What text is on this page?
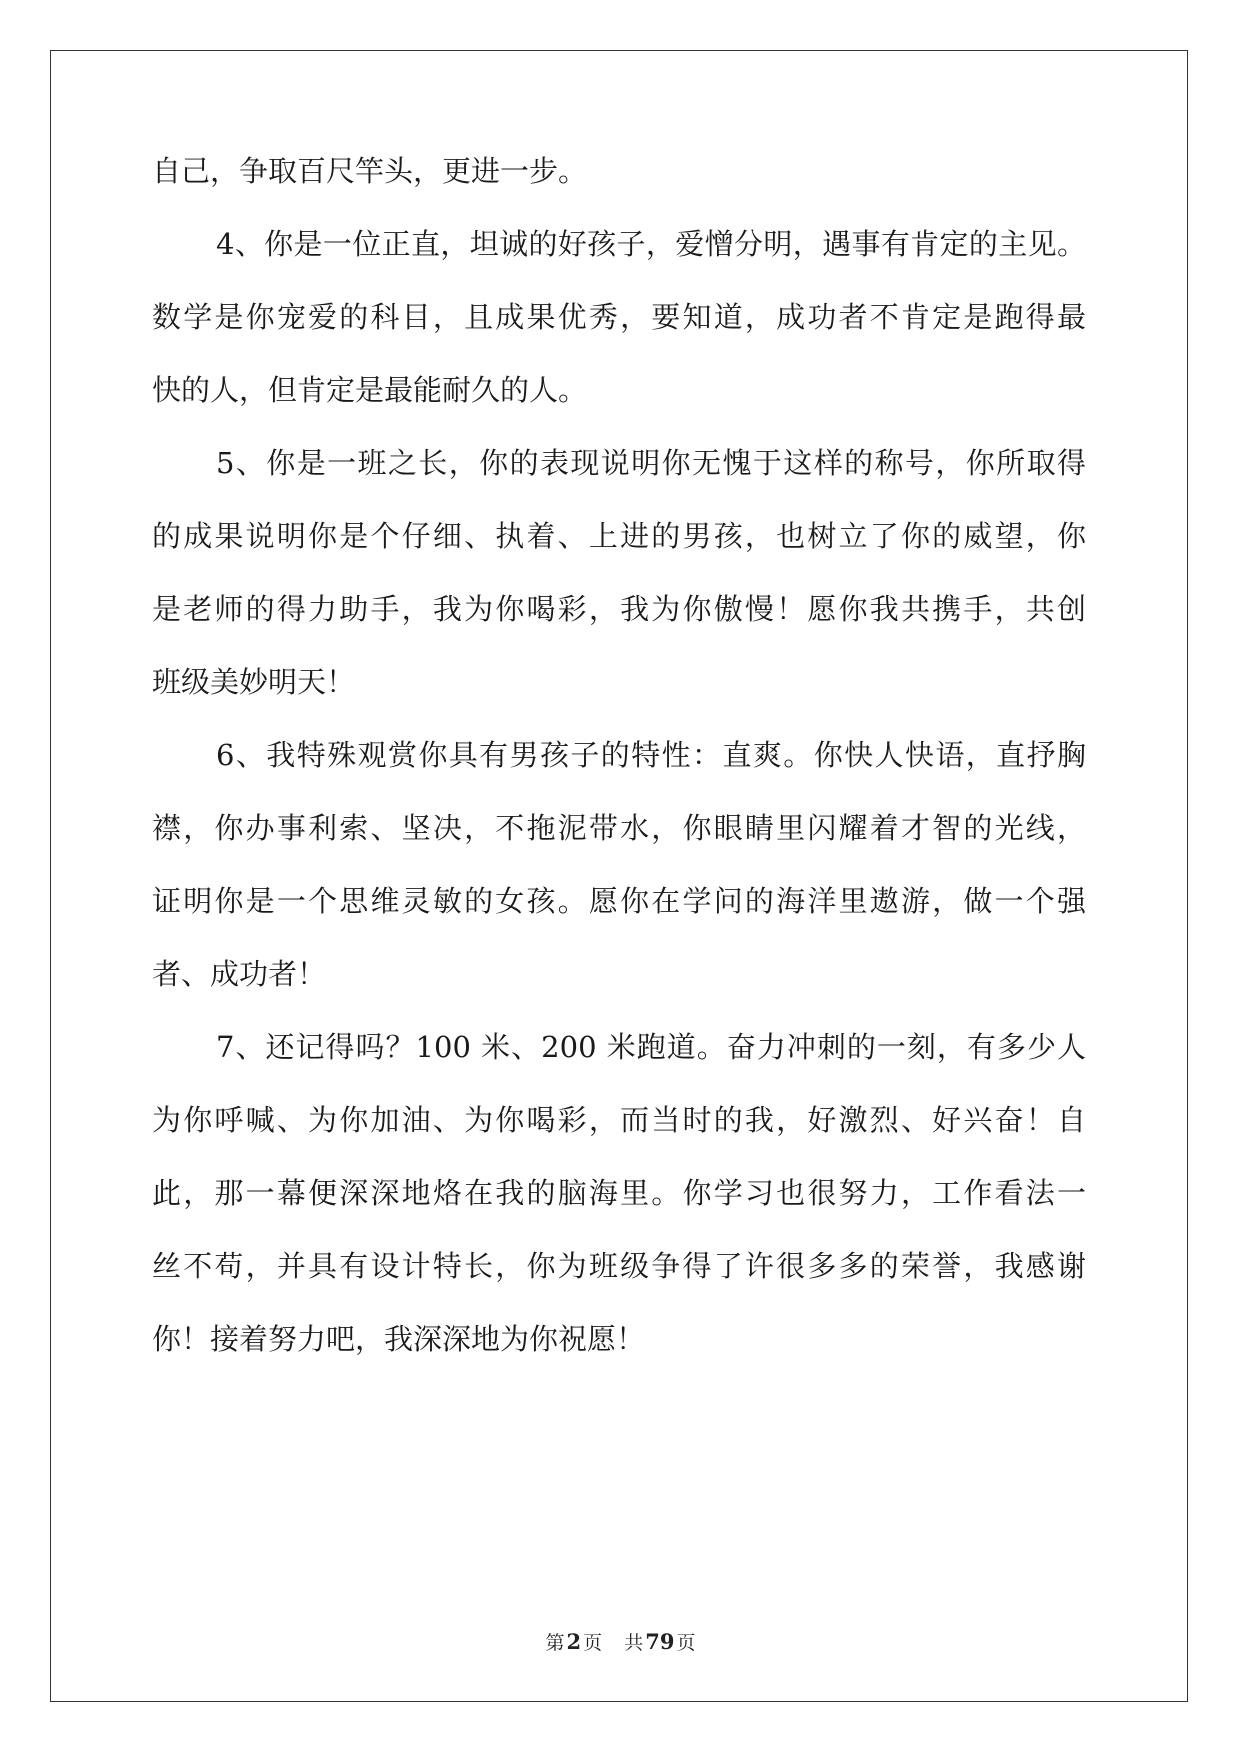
自己，争取百尺竿头，更进一步。
4、你是一位正直，坦诚的好孩子，爱憎分明，遇事有肯定的主见。
数学是你宠爱的科目，且成果优秀，要知道，成功者不肯定是跑得最
快的人，但肯定是最能耐久的人。
5、你是一班之长，你的表现说明你无愧于这样的称号，你所取得
的成果说明你是个仔细、执着、上进的男孩，也树立了你的威望，你
是老师的得力助手，我为你喝彩，我为你傲慢！愿你我共携手，共创
班级美妙明天！
6、我特殊观赏你具有男孩子的特性：直爽。你快人快语，直抒胸
襟，你办事利索、坚决，不拖泥带水，你眼睛里闪耀着才智的光线，
证明你是一个思维灵敏的女孩。愿你在学问的海洋里遨游，做一个强
者、成功者！
7、还记得吗？100 米、200 米跑道。奋力冲刺的一刻，有多少人
为你呼喊、为你加油、为你喝彩，而当时的我，好激烈、好兴奋！自
此，那一幕便深深地烙在我的脑海里。你学习也很努力，工作看法一
丝不苟，并具有设计特长，你为班级争得了许很多多的荣誉，我感谢
你！接着努力吧，我深深地为你祝愿！
第2 页 共79 页
